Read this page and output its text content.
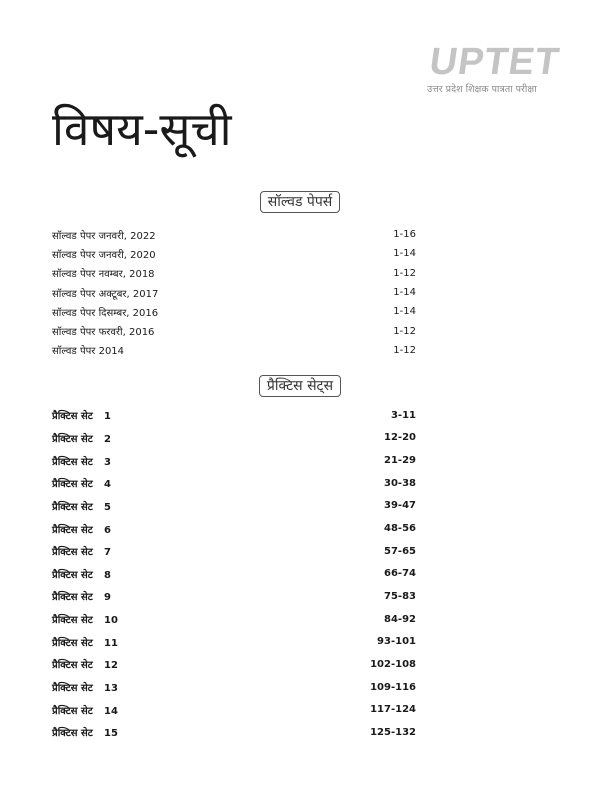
UPTET
उत्तर प्रदेश शिक्षक पात्रता परीक्षा
विषय-सूची
सॉल्वड पेपर्स
सॉल्वड पेपर जनवरी, 2022	1-16
सॉल्वड पेपर जनवरी, 2020	1-14
सॉल्वड पेपर नवम्बर, 2018	1-12
सॉल्वड पेपर अक्टूबर, 2017	1-14
सॉल्वड पेपर दिसम्बर, 2016	1-14
सॉल्वड पेपर फरवरी, 2016	1-12
सॉल्वड पेपर 2014	1-12
प्रैक्टिस सेट्स
प्रैक्टिस सेट 1	3-11
प्रैक्टिस सेट 2	12-20
प्रैक्टिस सेट 3	21-29
प्रैक्टिस सेट 4	30-38
प्रैक्टिस सेट 5	39-47
प्रैक्टिस सेट 6	48-56
प्रैक्टिस सेट 7	57-65
प्रैक्टिस सेट 8	66-74
प्रैक्टिस सेट 9	75-83
प्रैक्टिस सेट 10	84-92
प्रैक्टिस सेट 11	93-101
प्रैक्टिस सेट 12	102-108
प्रैक्टिस सेट 13	109-116
प्रैक्टिस सेट 14	117-124
प्रैक्टिस सेट 15	125-132
